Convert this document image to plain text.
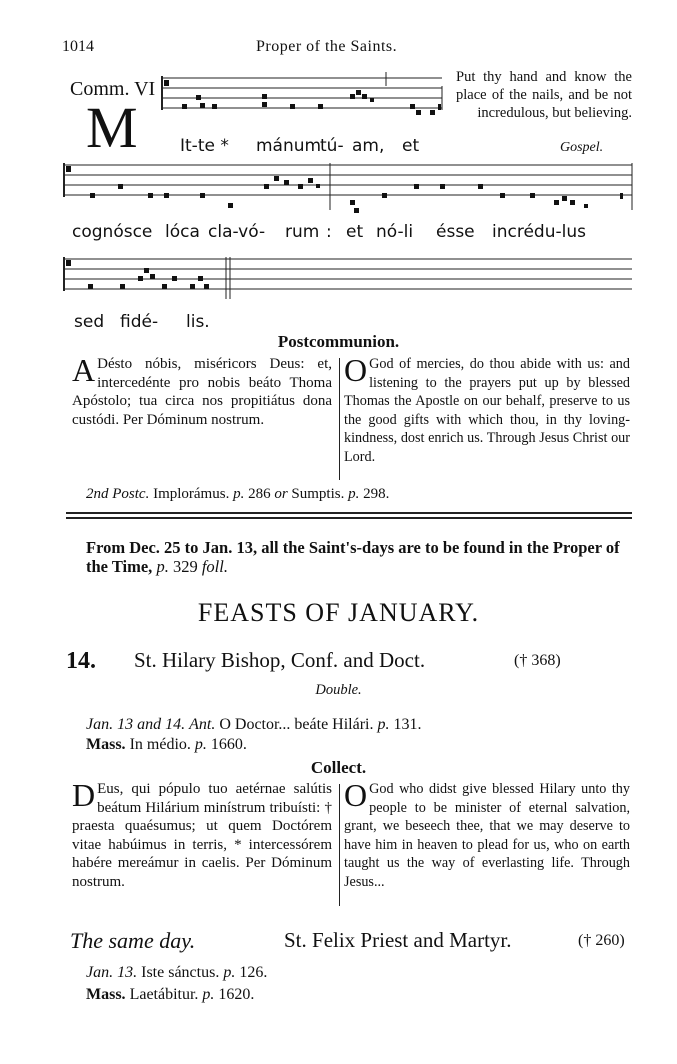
1014	Proper of the Saints.
Comm. VI
M It-te * mánum
tú- am, et
cognósce lóca cla-vó- rum : et nó-li ésse incrédu-lus
sed fidé- lis.
Put thy hand and know the place of the nails, and be not incredulous, but believing.
Gospel.
Postcommunion.
A Désto nóbis, miséricors Deus: et, intercedénte pro nobis beáto Thoma Apóstolo; tua circa nos propitiátus dona custódi. Per Dóminum nostrum.
O God of mercies, do thou abide with us: and listening to the prayers put up by blessed Thomas the Apostle on our behalf, preserve to us the good gifts with which thou, in thy loving-kindness, dost enrich us. Through Jesus Christ our Lord.
2nd Postc. Implorámus. p. 286 or Sumptis. p. 298.
From Dec. 25 to Jan. 13, all the Saint's-days are to be found in the Proper of the Time, p. 329 foll.
FEASTS OF JANUARY.
14. St. Hilary Bishop, Conf. and Doct.	(† 368)
Double.
Jan. 13 and 14. Ant. O Doctor... beáte Hilári. p. 131.
Mass. In médio. p. 1660.
Collect.
D Eus, qui pópulo tuo aetérnae salútis beátum Hilárium minístrum tribuísti: † praesta quaésumus; ut quem Doctórem vitae habúimus in terris, * intercessórem habére mereámur in caelis. Per Dóminum nostrum.
O God who didst give blessed Hilary unto thy people to be minister of eternal salvation, grant, we beseech thee, that we may deserve to have him in heaven to plead for us, who on earth taught us the way of everlasting life. Through Jesus...
The same day.	St. Felix Priest and Martyr.	(† 260)
Jan. 13. Iste sánctus. p. 126.
Mass. Laetábitur. p. 1620.
